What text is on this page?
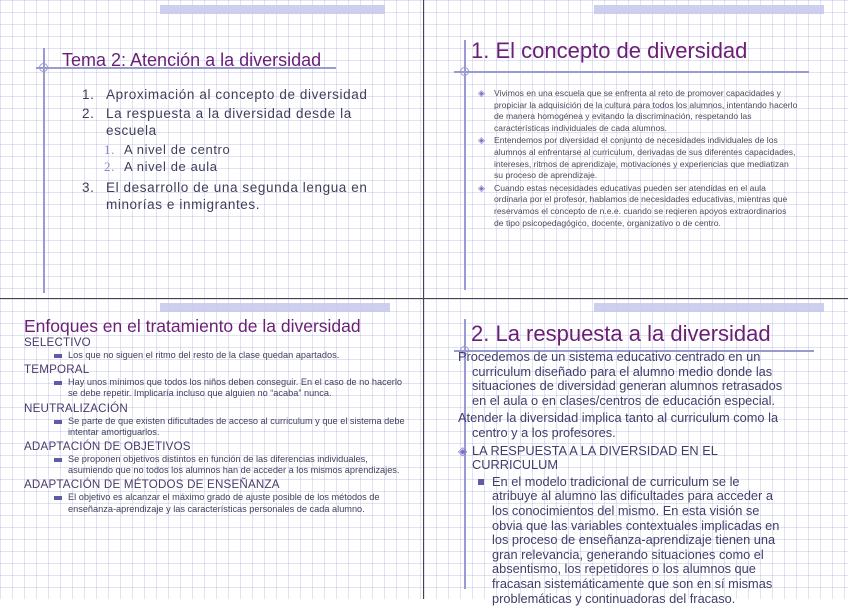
Tema 2: Atención a la diversidad
1. Aproximación al concepto de diversidad
2. La respuesta a la diversidad desde la escuela
1. A nivel de centro
2. A nivel de aula
3. El desarrollo de una segunda lengua en minorías e inmigrantes.
1. El concepto de diversidad
◈	Vivimos en una escuela que se enfrenta al reto de promover capacidades y propiciar la adquisición de la cultura para todos los alumnos, intentando hacerlo de manera homogénea y evitando la discriminación, respetando las características individuales de cada alumnos.
◈	Entendemos por diversidad el conjunto de necesidades individuales de los alumnos al enfrentarse al curriculum, derivadas de sus diferentes capacidades, intereses, ritmos de aprendizaje, motivaciones y experiencias que mediatizan su proceso de aprendizaje.
◈	Cuando estas necesidades educativas pueden ser atendidas en el aula ordinaria por el profesor, hablamos de necesidades educativas, mientras que reservamos el concepto de n.e.e. cuando se reqieren apoyos extraordinarios de tipo psicopedagógico, docente, organizativo o de centro.
Enfoques en el tratamiento de la diversidad
SELECTIVO
Los que no siguen el ritmo del resto de la clase quedan apartados.
TEMPORAL
Hay unos mínimos que todos los niños deben conseguir. En el caso de no hacerlo se debe repetir. Implicaría incluso que alguien no “acaba” nunca.
NEUTRALIZACIÓN
Se parte de que existen dificultades de acceso al curriculum y que el sistema debe intentar amortiguarlos.
ADAPTACIÓN DE OBJETIVOS
Se proponen objetivos distintos en función de las diferencias individuales, asumiendo que no todos los alumnos han de acceder a los mismos aprendizajes.
ADAPTACIÓN DE MÉTODOS DE ENSEÑANZA
El objetivo es alcanzar el máximo grado de ajuste posible de los métodos de enseñanza-aprendizaje y las características personales de cada alumno.
2. La respuesta a la diversidad
Procedemos de un sistema educativo centrado en un curriculum diseñado para el alumno medio donde las situaciones de diversidad generan alumnos retrasados en el aula o en clases/centros de educación especial.
Atender la diversidad implica tanto al curriculum como la centro y a los profesores.
◈ LA RESPUESTA A LA DIVERSIDAD EN EL CURRICULUM
En el modelo tradicional de curriculum se le atribuye al alumno las dificultades para acceder a los conocimientos del mismo. En esta visión se obvia que las variables contextuales implicadas en los proceso de enseñanza-aprendizaje tienen una gran relevancia, generando situaciones como el absentismo, los repetidores o los alumnos que fracasan sistemáticamente que son en sí mismas problemáticas y continuadoras del fracaso.
